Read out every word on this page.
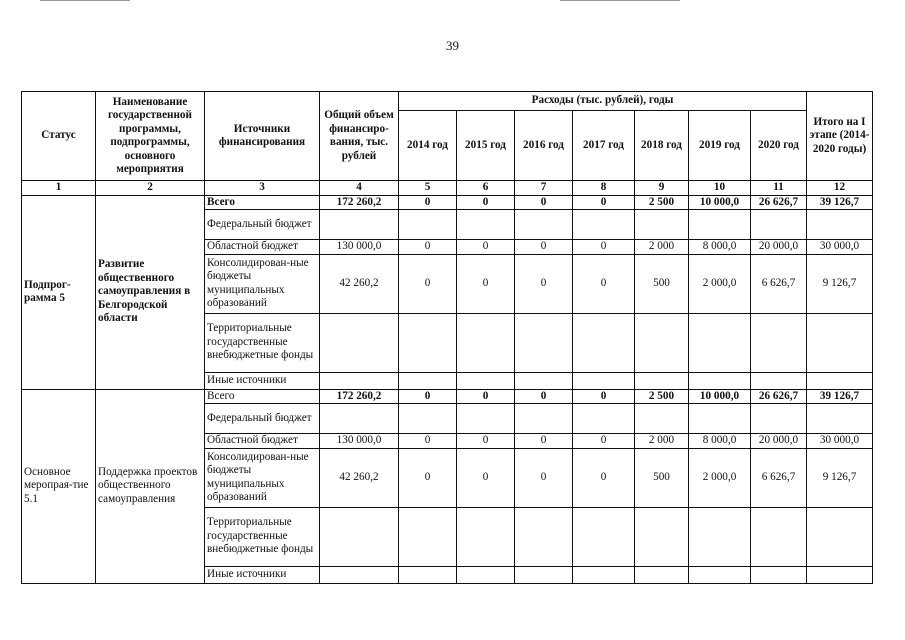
39
Статус	Наименование государственной программы, подпрограммы, основного мероприятия	Источники финансирования	Общий объем финансиро-вания, тыс. рублей	Расходы (тыс. рублей), годы							Итого на I этапе (2014-2020 годы)
				2014 год	2015 год	2016 год	2017 год	2018 год	2019 год	2020 год	
1	2	3	4	5	6	7	8	9	10	11	12
Подпрог-рамма 5	Развитие общественного самоуправления в Белгородской области	Всего	172 260,2	0	0	0	0	2 500	10 000,0	26 626,7	39 126,7
		Федеральный бюджет									
		Областной бюджет	130 000,0	0	0	0	0	2 000	8 000,0	20 000,0	30 000,0
		Консолидирован-ные бюджеты муниципальных образований	42 260,2	0	0	0	0	500	2 000,0	6 626,7	9 126,7
		Территориальные государственные внебюджетные фонды									
		Иные источники									
Основное меропрая-тие 5.1	Поддержка проектов общественного самоуправления	Всего	172 260,2	0	0	0	0	2 500	10 000,0	26 626,7	39 126,7
		Федеральный бюджет									
		Областной бюджет	130 000,0	0	0	0	0	2 000	8 000,0	20 000,0	30 000,0
		Консолидирован-ные бюджеты муниципальных образований	42 260,2	0	0	0	0	500	2 000,0	6 626,7	9 126,7
		Территориальные государственные внебюджетные фонды									
		Иные источники									
